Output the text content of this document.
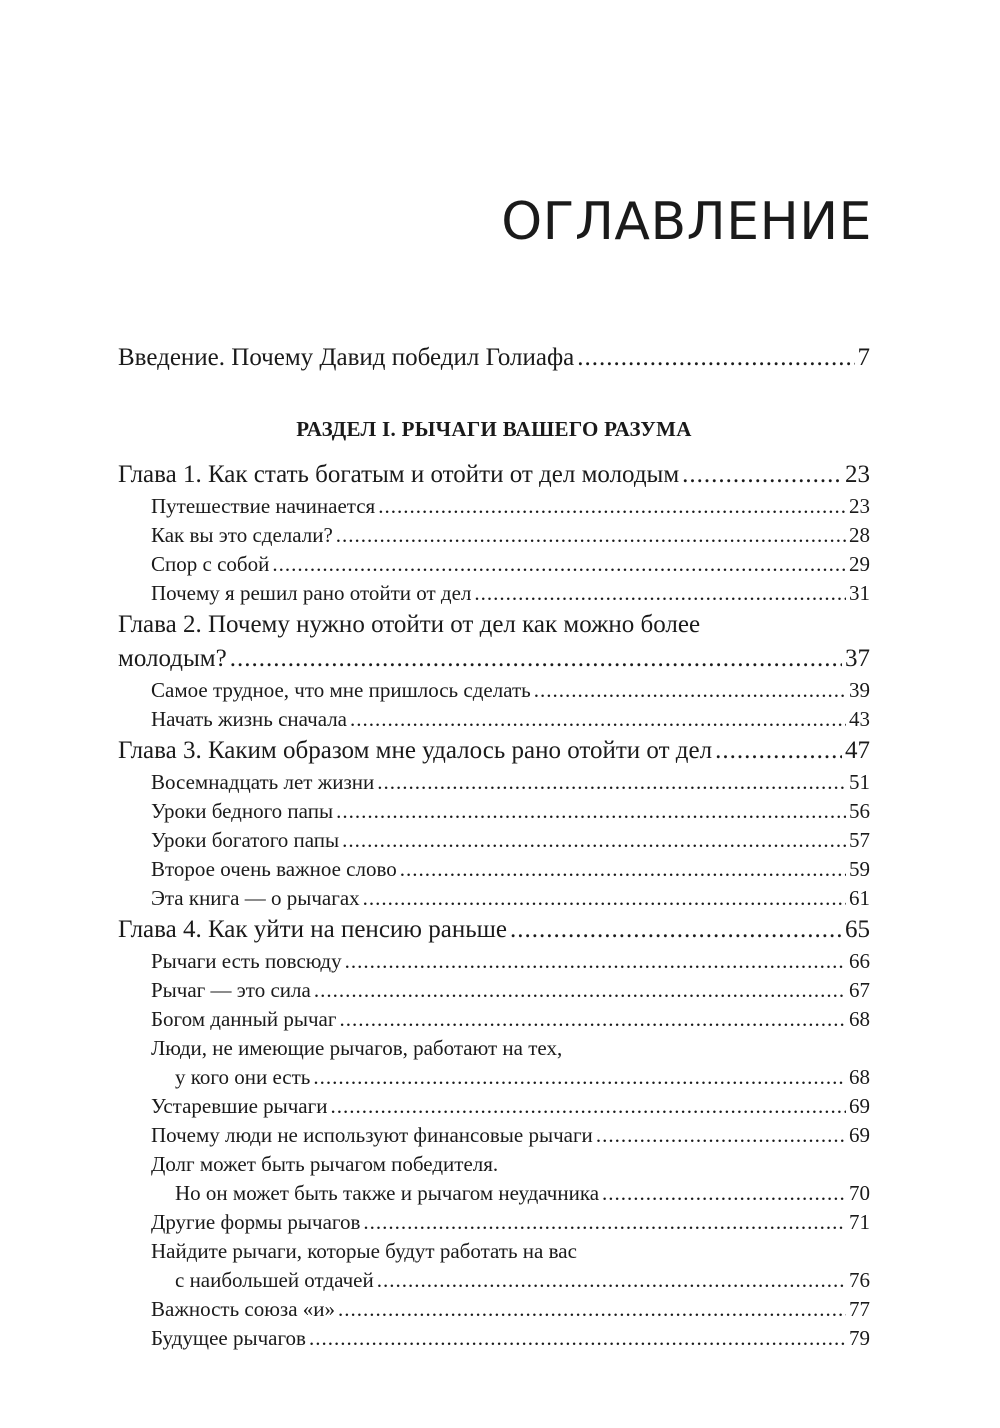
ОГЛАВЛЕНИЕ
Введение. Почему Давид победил Голиафа .....	7
РАЗДЕЛ I. РЫЧАГИ ВАШЕГО РАЗУМА
Глава 1. Как стать богатым и отойти от дел молодым .....	23
Путешествие начинается .....	23
Как вы это сделали? .....	28
Спор с собой .....	29
Почему я решил рано отойти от дел .....	31
Глава 2. Почему нужно отойти от дел как можно более
молодым? .....	37
Самое трудное, что мне пришлось сделать .....	39
Начать жизнь сначала .....	43
Глава 3. Каким образом мне удалось рано отойти от дел .....	47
Восемнадцать лет жизни .....	51
Уроки бедного папы .....	56
Уроки богатого папы .....	57
Второе очень важное слово .....	59
Эта книга — о рычагах .....	61
Глава 4. Как уйти на пенсию раньше .....	65
Рычаги есть повсюду .....	66
Рычаг — это сила .....	67
Богом данный рычаг .....	68
Люди, не имеющие рычагов, работают на тех,
у кого они есть .....	68
Устаревшие рычаги .....	69
Почему люди не используют финансовые рычаги .....	69
Долг может быть рычагом победителя.
Но он может быть также и рычагом неудачника .....	70
Другие формы рычагов .....	71
Найдите рычаги, которые будут работать на вас
с наибольшей отдачей .....	76
Важность союза «и» .....	77
Будущее рычагов .....	79
